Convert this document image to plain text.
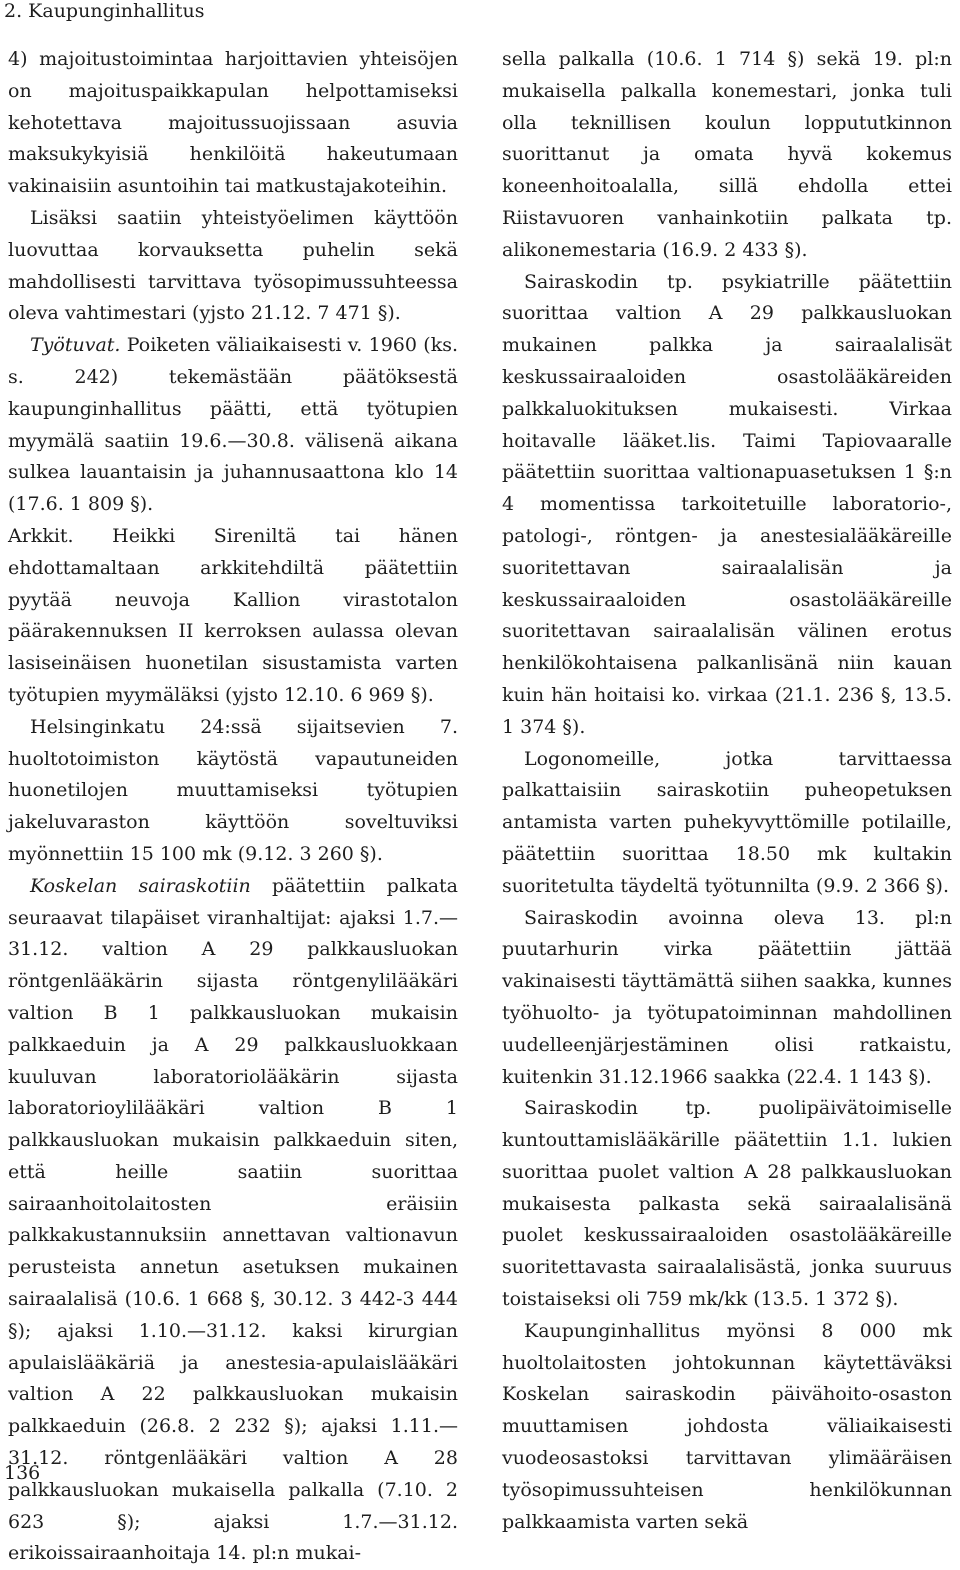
2. Kaupunginhallitus

4) majoitustoimintaa harjoittavien yhteisöjen on majoituspaikkapulan helpottamiseksi kehotettava majoitussuojissaan asuvia maksukykyisiä henkilöitä hakeutumaan vakinaisiin asuntoihin tai matkustajakoteihin.

Lisäksi saatiin yhteistyöelimen käyttöön luovuttaa korvauksetta puhelin sekä mahdollisesti tarvittava työsopimussuhteessa oleva vahtimestari (yjsto 21.12. 7 471 §).

Työtuvat. Poiketen väliaikaisesti v. 1960 (ks. s. 242) tekemästään päätöksestä kaupunginhallitus päätti, että työtupien myymälä saatiin 19.6.—30.8. välisenä aikana sulkea lauantaisin ja juhannusaattona klo 14 (17.6. 1 809 §).

Arkkit. Heikki Sireniltä tai hänen ehdottamaltaan arkkitehdiltä päätettiin pyytää neuvoja Kallion virastotalon päärakennuksen II kerroksen aulassa olevan lasiseinäisen huonetilan sisustamista varten työtupien myymäläksi (yjsto 12.10. 6 969 §).

Helsinginkatu 24:ssä sijaitsevien 7. huoltotoimiston käytöstä vapautuneiden huonetilojen muuttamiseksi työtupien jakeluvaraston käyttöön soveltuviksi myönnettiin 15 100 mk (9.12. 3 260 §).

Koskelan sairaskotiin päätettiin palkata seuraavat tilapäiset viranhaltijat: ajaksi 1.7.—31.12. valtion A 29 palkkausluokan röntgenlääkärin sijasta röntgenylilääkäri valtion B 1 palkkausluokan mukaisin palkkaeduin ja A 29 palkkausluokkaan kuuluvan laboratoriolääkärin sijasta laboratorioylilääkäri valtion B 1 palkkausluokan mukaisin palkkaeduin siten, että heille saatiin suorittaa sairaanhoitolaitosten eräisiin palkkakustannuksiin annettavan valtionavun perusteista annetun asetuksen mukainen sairaalalisä (10.6. 1 668 §, 30.12. 3 442-3 444 §); ajaksi 1.10.—31.12. kaksi kirurgian apulaislääkäriä ja anestesia-apulaislääkäri valtion A 22 palkkausluokan mukaisin palkkaeduin (26.8. 2 232 §); ajaksi 1.11.—31.12. röntgenlääkäri valtion A 28 palkkausluokan mukaisella palkalla (7.10. 2 623 §); ajaksi 1.7.—31.12. erikoissairaanhoitaja 14. pl:n mukai-

sella palkalla (10.6. 1 714 §) sekä 19. pl:n mukaisella palkalla konemestari, jonka tuli olla teknillisen koulun loppututkinnon suorittanut ja omata hyvä kokemus koneenhoitoalalla, sillä ehdolla ettei Riistavuoren vanhainkotiin palkata tp. alikonemestaria (16.9. 2 433 §).

Sairaskodin tp. psykiatrille päätettiin suorittaa valtion A 29 palkkausluokan mukainen palkka ja sairaalalisät keskussairaaloiden osastolääkäreiden palkkaluokituksen mukaisesti. Virkaa hoitavalle lääket.lis. Taimi Tapiovaaralle päätettiin suorittaa valtionapuasetuksen 1 §:n 4 momentissa tarkoitetuille laboratorio-, patologi-, röntgen- ja anestesialääkäreille suoritettavan sairaalalisän ja keskussairaaloiden osastolääkäreille suoritettavan sairaalalisän välinen erotus henkilökohtaisena palkanlisänä niin kauan kuin hän hoitaisi ko. virkaa (21.1. 236 §, 13.5. 1 374 §).

Logonomeille, jotka tarvittaessa palkattaisiin sairaskotiin puheopetuksen antamista varten puhekyvyttömille potilaille, päätettiin suorittaa 18.50 mk kultakin suoritetulta täydeltä työtunnilta (9.9. 2 366 §).

Sairaskodin avoinna oleva 13. pl:n puutarhurin virka päätettiin jättää vakinaisesti täyttämättä siihen saakka, kunnes työhuolto- ja työtupatoiminnan mahdollinen uudelleenjärjestäminen olisi ratkaistu, kuitenkin 31.12.1966 saakka (22.4. 1 143 §).

Sairaskodin tp. puolipäivätoimiselle kuntouttamislääkärille päätettiin 1.1. lukien suorittaa puolet valtion A 28 palkkausluokan mukaisesta palkasta sekä sairaalalisänä puolet keskussairaaloiden osastolääkäreille suoritettavasta sairaalalisästä, jonka suuruus toistaiseksi oli 759 mk/kk (13.5. 1 372 §).

Kaupunginhallitus myönsi 8 000 mk huoltolaitosten johtokunnan käytettäväksi Koskelan sairaskodin päivähoito-osaston muuttamisen johdosta väliaikaisesti vuodeosastoksi tarvittavan ylimääräisen työsopimussuhteisen henkilökunnan palkkaamista varten sekä

136
